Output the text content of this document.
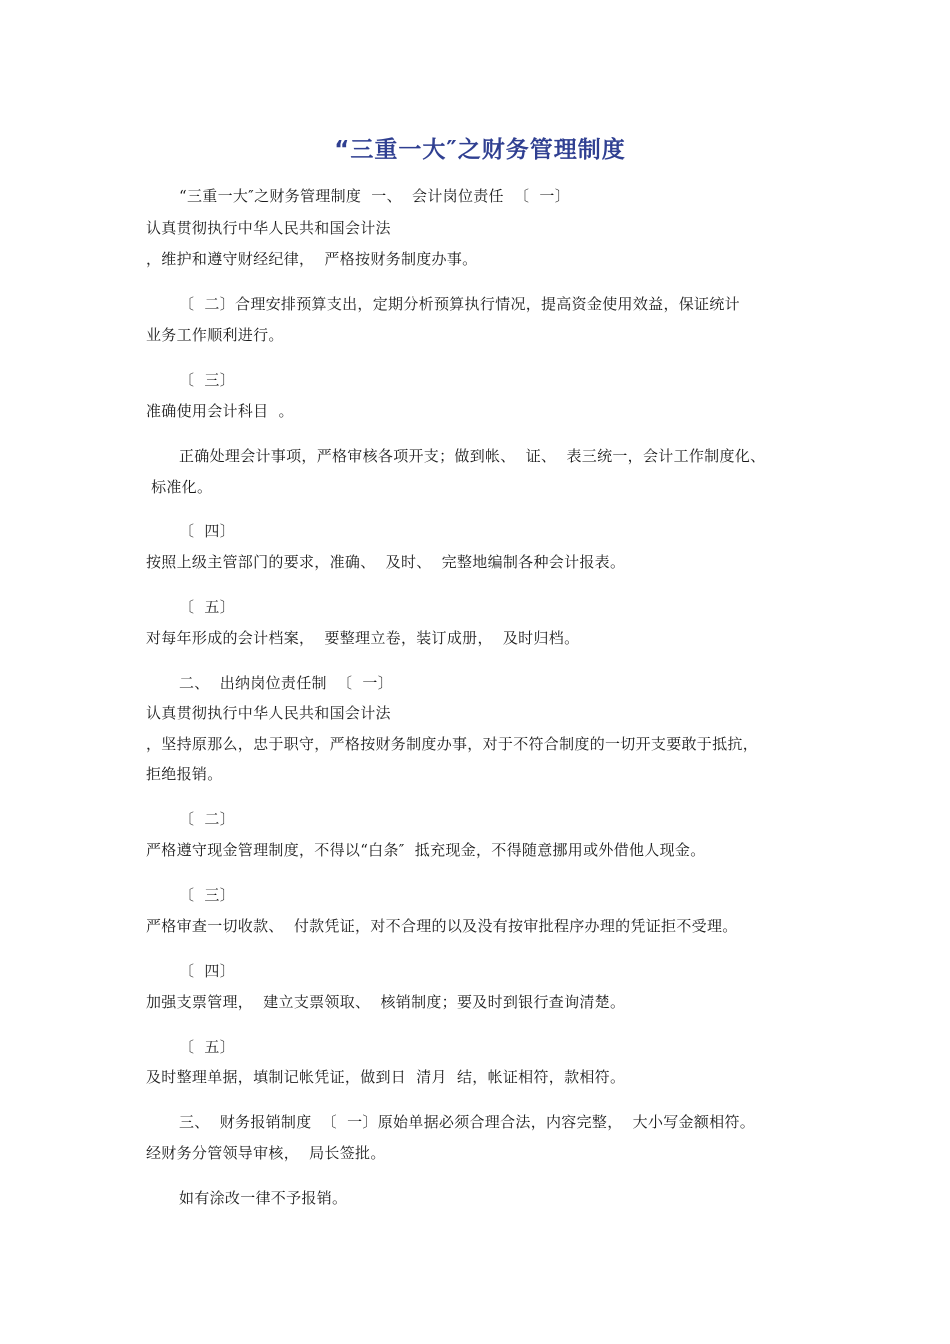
“三重一大″之财务管理制度
“三重一大″之财务管理制度  一、  会计岗位责任  〔  一〕
认真贯彻执行中华人民共和国会计法
，维护和遵守财经纪律，  严格按财务制度办事。
〔  二〕合理安排预算支出，定期分析预算执行情况，提高资金使用效益，保证统计
业务工作顺利进行。
〔  三〕
准确使用会计科目  。
正确处理会计事项，严格审核各项开支；做到帐、  证、  表三统一，会计工作制度化、
标准化。
〔  四〕
按照上级主管部门的要求，准确、  及时、  完整地编制各种会计报表。
〔  五〕
对每年形成的会计档案，  要整理立卷，装订成册，  及时归档。
二、  出纳岗位责任制  〔  一〕
认真贯彻执行中华人民共和国会计法
，坚持原那么，忠于职守，严格按财务制度办事，对于不符合制度的一切开支要敢于抵抗，
拒绝报销。
〔  二〕
严格遵守现金管理制度，不得以“白条″  抵充现金，不得随意挪用或外借他人现金。
〔  三〕
严格审查一切收款、  付款凭证，对不合理的以及没有按审批程序办理的凭证拒不受理。
〔  四〕
加强支票管理，  建立支票领取、  核销制度；要及时到银行查询清楚。
〔  五〕
及时整理单据，填制记帐凭证，做到日  清月  结，帐证相符，款相符。
三、  财务报销制度  〔  一〕原始单据必须合理合法，内容完整，  大小写金额相符。
经财务分管领导审核，  局长签批。
如有涂改一律不予报销。
